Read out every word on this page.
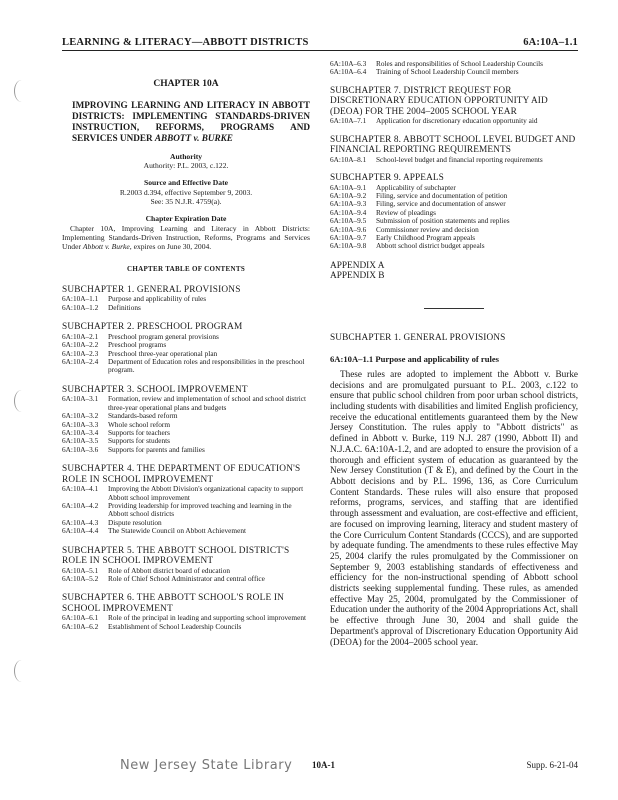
LEARNING & LITERACY—ABBOTT DISTRICTS	6A:10A–1.1
CHAPTER 10A
IMPROVING LEARNING AND LITERACY IN ABBOTT DISTRICTS: IMPLEMENTING STANDARDS-DRIVEN INSTRUCTION, REFORMS, PROGRAMS AND SERVICES UNDER ABBOTT v. BURKE
Authority
Authority: P.L. 2003, c.122.
Source and Effective Date
R.2003 d.394, effective September 9, 2003.
See: 35 N.J.R. 4759(a).
Chapter Expiration Date
Chapter 10A, Improving Learning and Literacy in Abbott Districts: Implementing Standards-Driven Instruction, Reforms, Programs and Services Under Abbott v. Burke, expires on June 30, 2004.
CHAPTER TABLE OF CONTENTS
SUBCHAPTER 1. GENERAL PROVISIONS
6A:10A–1.1	Purpose and applicability of rules
6A:10A–1.2	Definitions
SUBCHAPTER 2. PRESCHOOL PROGRAM
6A:10A–2.1	Preschool program general provisions
6A:10A–2.2	Preschool programs
6A:10A–2.3	Preschool three-year operational plan
6A:10A–2.4	Department of Education roles and responsibilities in the preschool program.
SUBCHAPTER 3. SCHOOL IMPROVEMENT
6A:10A–3.1	Formation, review and implementation of school and school district three-year operational plans and budgets
6A:10A–3.2	Standards-based reform
6A:10A–3.3	Whole school reform
6A:10A–3.4	Supports for teachers
6A:10A–3.5	Supports for students
6A:10A–3.6	Supports for parents and families
SUBCHAPTER 4. THE DEPARTMENT OF EDUCATION'S ROLE IN SCHOOL IMPROVEMENT
6A:10A–4.1	Improving the Abbott Division's organizational capacity to support Abbott school improvement
6A:10A–4.2	Providing leadership for improved teaching and learning in the Abbott school districts
6A:10A–4.3	Dispute resolution
6A:10A–4.4	The Statewide Council on Abbott Achievement
SUBCHAPTER 5. THE ABBOTT SCHOOL DISTRICT'S ROLE IN SCHOOL IMPROVEMENT
6A:10A–5.1	Role of Abbott district board of education
6A:10A–5.2	Role of Chief School Administrator and central office
SUBCHAPTER 6. THE ABBOTT SCHOOL'S ROLE IN SCHOOL IMPROVEMENT
6A:10A–6.1	Role of the principal in leading and supporting school improvement
6A:10A–6.2	Establishment of School Leadership Councils
6A:10A–6.3	Roles and responsibilities of School Leadership Councils
6A:10A–6.4	Training of School Leadership Council members
SUBCHAPTER 7. DISTRICT REQUEST FOR DISCRETIONARY EDUCATION OPPORTUNITY AID (DEOA) FOR THE 2004–2005 SCHOOL YEAR
6A:10A–7.1	Application for discretionary education opportunity aid
SUBCHAPTER 8. ABBOTT SCHOOL LEVEL BUDGET AND FINANCIAL REPORTING REQUIREMENTS
6A:10A–8.1	School-level budget and financial reporting requirements
SUBCHAPTER 9. APPEALS
6A:10A–9.1	Applicability of subchapter
6A:10A–9.2	Filing, service and documentation of petition
6A:10A–9.3	Filing, service and documentation of answer
6A:10A–9.4	Review of pleadings
6A:10A–9.5	Submission of position statements and replies
6A:10A–9.6	Commissioner review and decision
6A:10A–9.7	Early Childhood Program appeals
6A:10A–9.8	Abbott school district budget appeals
APPENDIX A
APPENDIX B
SUBCHAPTER 1. GENERAL PROVISIONS
6A:10A–1.1 Purpose and applicability of rules
These rules are adopted to implement the Abbott v. Burke decisions and are promulgated pursuant to P.L. 2003, c.122 to ensure that public school children from poor urban school districts, including students with disabilities and limited English proficiency, receive the educational entitlements guaranteed them by the New Jersey Constitution. The rules apply to "Abbott districts" as defined in Abbott v. Burke, 119 N.J. 287 (1990, Abbott II) and N.J.A.C. 6A:10A-1.2, and are adopted to ensure the provision of a thorough and efficient system of education as guaranteed by the New Jersey Constitution (T & E), and defined by the Court in the Abbott decisions and by P.L. 1996, 136, as Core Curriculum Content Standards. These rules will also ensure that proposed reforms, programs, services, and staffing that are identified through assessment and evaluation, are cost-effective and efficient, are focused on improving learning, literacy and student mastery of the Core Curriculum Content Standards (CCCS), and are supported by adequate funding. The amendments to these rules effective May 25, 2004 clarify the rules promulgated by the Commissioner on September 9, 2003 establishing standards of effectiveness and efficiency for the non-instructional spending of Abbott school districts seeking supplemental funding. These rules, as amended effective May 25, 2004, promulgated by the Commissioner of Education under the authority of the 2004 Appropriations Act, shall be effective through June 30, 2004 and shall guide the Department's approval of Discretionary Education Opportunity Aid (DEOA) for the 2004–2005 school year.
New Jersey State Library 10A-1	Supp. 6-21-04
